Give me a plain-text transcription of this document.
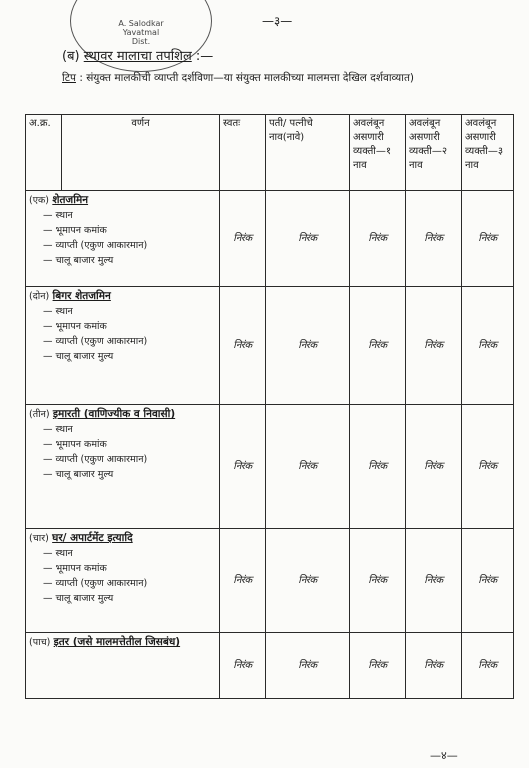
A. Salodkar
Yavatmal
Dist.
—३—
(ब) स्थावर मालाचा तपशिल :—
टिप : संयुक्त मालकीची व्याप्ती दर्शविणा—या संयुक्त मालकीच्या मालमत्ता देखिल दर्शवाव्यात)
अ.क्र.	वर्णन	स्वतः	पती/ पत्नीचे नाव(नावे)	अवलंबून असणारी व्यक्ती—१ नाव	अवलंबून असणारी व्यक्ती—२ नाव	अवलंबून असणारी व्यक्ती—३ नाव

(एक) शेतजमिन
— स्थान
— भूमापन कमांक
— व्याप्ती (एकुण आकारमान)
— चालू बाजार मुल्य		निरंक	निरंक	निरंक	निरंक	निरंक

(दोन) बिगर शेतजमिन
— स्थान
— भूमापन कमांक
— व्याप्ती (एकुण आकारमान)
— चालू बाजार मुल्य		निरंक	निरंक	निरंक	निरंक	निरंक

(तीन) इमारती (वाणिज्यीक व निवासी)
— स्थान
— भूमापन कमांक
— व्याप्ती (एकुण आकारमान)
— चालू बाजार मुल्य		निरंक	निरंक	निरंक	निरंक	निरंक

(चार) घर/ अपार्टमेंट इत्यादि
— स्थान
— भूमापन कमांक
— व्याप्ती (एकुण आकारमान)
— चालू बाजार मुल्य		निरंक	निरंक	निरंक	निरंक	निरंक

(पाच) इतर (जसे मालमत्तेतील जिसबंध)		निरंक	निरंक	निरंक	निरंक	निरंक
—४—
